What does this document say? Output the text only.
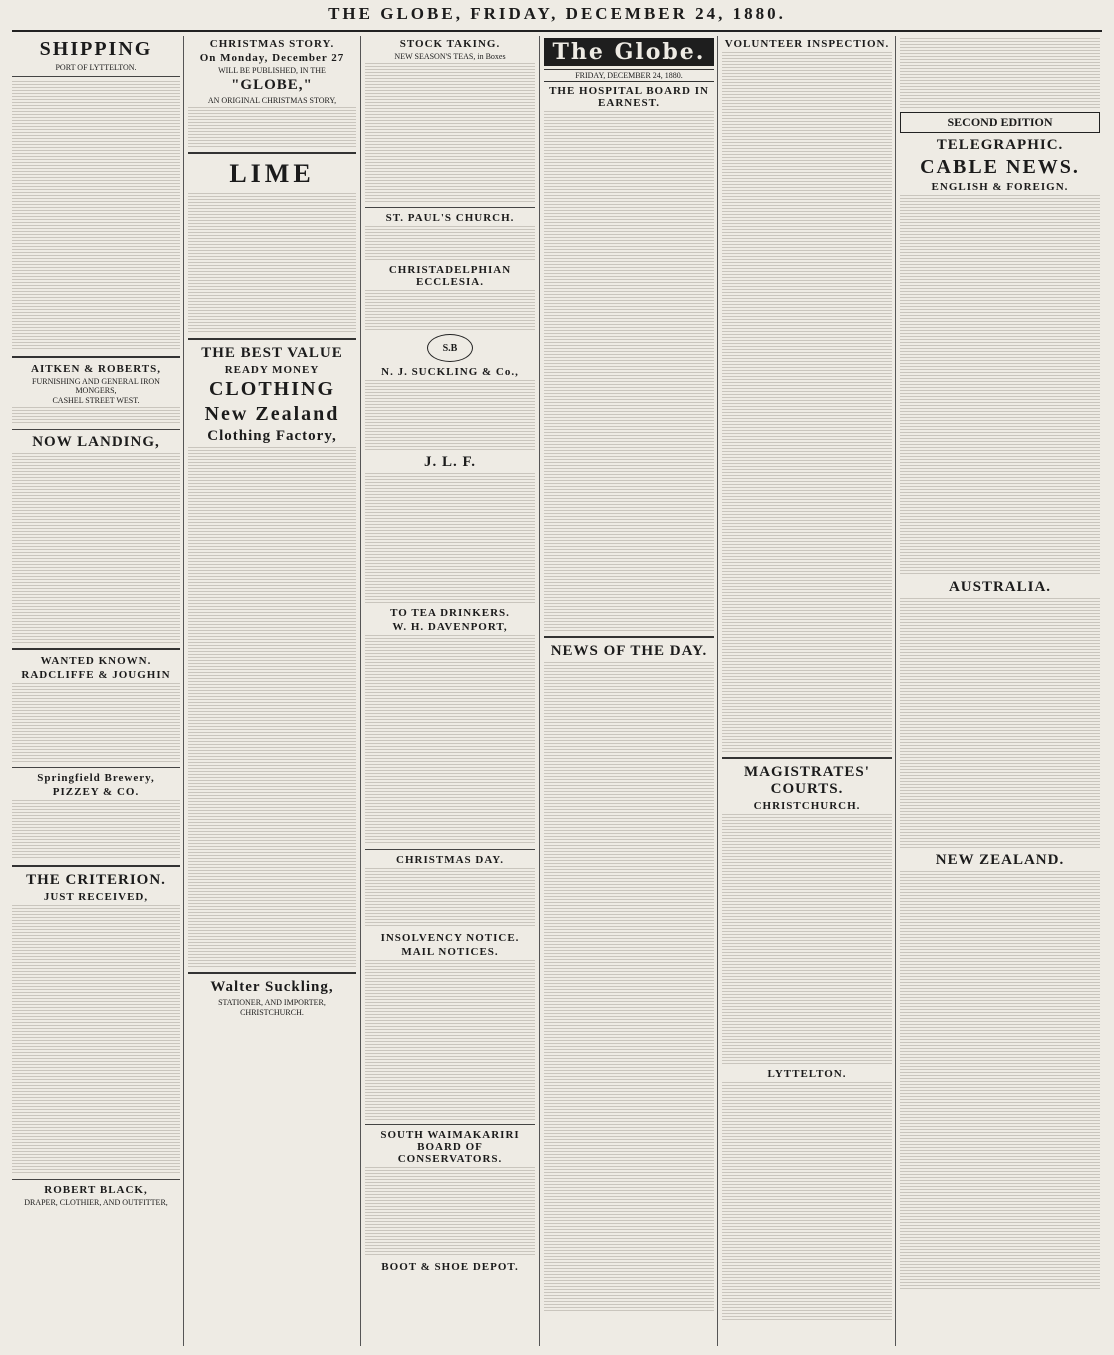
THE GLOBE, FRIDAY, DECEMBER 24, 1880.
SHIPPING
PORT OF LYTTELTON.
AITKEN & ROBERTS,
FURNISHING AND GENERAL IRON MONGERS,
CASHEL STREET WEST.
NOW LANDING,
WANTED KNOWN.
RADCLIFFE & JOUGHIN
Springfield Brewery,
PIZZEY & CO.
THE CRITERION.
JUST RECEIVED,
ROBERT BLACK,
DRAPER, CLOTHIER, AND OUTFITTER,
CHRISTMAS STORY.
On Monday, December 27
WILL BE PUBLISHED, IN THE
"GLOBE,"
AN ORIGINAL CHRISTMAS STORY,
LIME
THE BEST VALUE
READY MONEY
CLOTHING
New Zealand
Clothing Factory,
Walter Suckling,
STATIONER, AND IMPORTER,
CHRISTCHURCH.
STOCK TAKING.
NEW SEASON'S TEAS, in Boxes
ST. PAUL'S CHURCH.
CHRISTADELPHIAN ECCLESIA.
S.B
N. J. SUCKLING & Co.,
J. L. F.
TO TEA DRINKERS.
W. H. DAVENPORT,
CHRISTMAS DAY.
INSOLVENCY NOTICE.
MAIL NOTICES.
SOUTH WAIMAKARIRI BOARD OF CONSERVATORS.
BOOT & SHOE DEPOT.
The Globe.
FRIDAY, DECEMBER 24, 1880.
THE HOSPITAL BOARD IN EARNEST.
NEWS OF THE DAY.
VOLUNTEER INSPECTION.
MAGISTRATES' COURTS.
CHRISTCHURCH.
LYTTELTON.
SECOND EDITION
TELEGRAPHIC.
CABLE NEWS.
ENGLISH & FOREIGN.
AUSTRALIA.
NEW ZEALAND.
